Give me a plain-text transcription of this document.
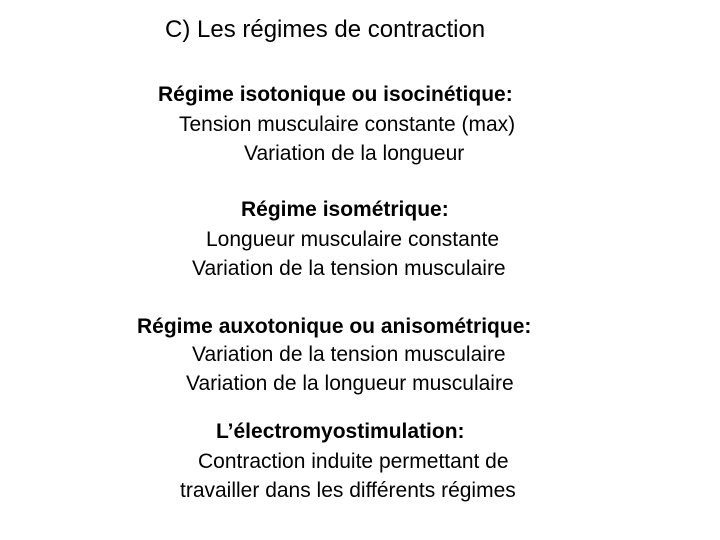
C) Les régimes de contraction
Régime isotonique ou isocinétique:
Tension musculaire constante (max)
Variation de la longueur
Régime isométrique:
Longueur musculaire constante
Variation de la tension musculaire
Régime auxotonique ou anisométrique:
Variation de la tension musculaire
Variation de la longueur musculaire
L’électromyostimulation:
Contraction induite permettant de
travailler dans les différents régimes
